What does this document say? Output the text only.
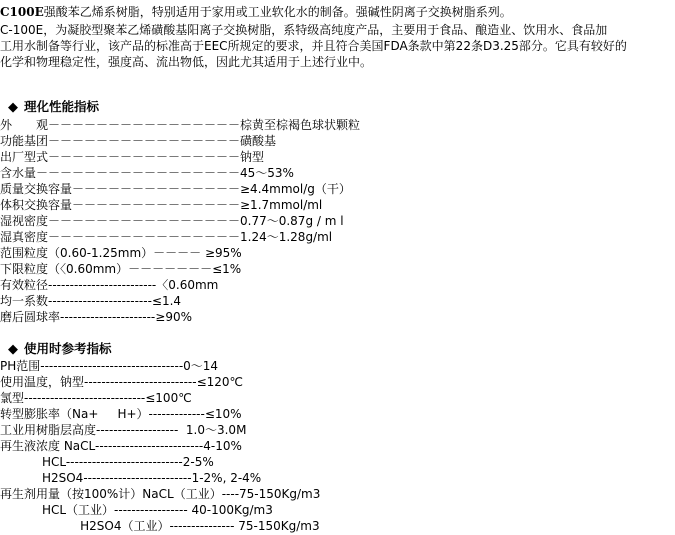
C100E强酸苯乙烯系树脂，特别适用于家用或工业软化水的制备。强碱性阴离子交换树脂系列。
C-100E，为凝胶型聚苯乙烯磺酸基阳离子交换树脂，系特级高纯度产品，主要用于食品、酿造业、饮用水、食品加
工用水制备等行业，该产品的标准高于EEC所规定的要求，并且符合美国FDA条款中第22条D3.25部分。它具有较好的
化学和物理稳定性，强度高、流出物低，因此尤其适用于上述行业中。
◆ 理化性能指标
外　　观－－－－－－－－－－－－－－－－棕黄至棕褐色球状颗粒
功能基团－－－－－－－－－－－－－－－－磺酸基
出厂型式－－－－－－－－－－－－－－－－钠型
含水量－－－－－－－－－－－－－－－－－45～53%
质量交换容量－－－－－－－－－－－－－－≥4.4mmol/g（干）
体积交换容量－－－－－－－－－－－－－－≥1.7mmol/ml
湿视密度－－－－－－－－－－－－－－－－0.77～0.87g / m l
湿真密度－－－－－－－－－－－－－－－－1.24～1.28g/ml
范围粒度（0.60-1.25mm）－－－－ ≥95%
下限粒度（〈0.60mm）－－－－－－－≤1%
有效粒径-------------------------〈0.60mm
均一系数------------------------≤1.4
磨后圆球率----------------------≥90%
◆ 使用时参考指标
PH范围---------------------------------0～14
使用温度，钠型--------------------------≤120℃
氯型----------------------------≤100℃
转型膨胀率（Na+     H+）-------------≤10%
工业用树脂层高度-------------------  1.0～3.0M
再生液浓度 NaCL-------------------------4-10%
HCL---------------------------2-5%
H2SO4-------------------------1-2%, 2-4%
再生剂用量（按100%计）NaCL（工业）----75-150Kg/m3
HCL（工业）----------------- 40-100Kg/m3
H2SO4（工业）--------------- 75-150Kg/m3
